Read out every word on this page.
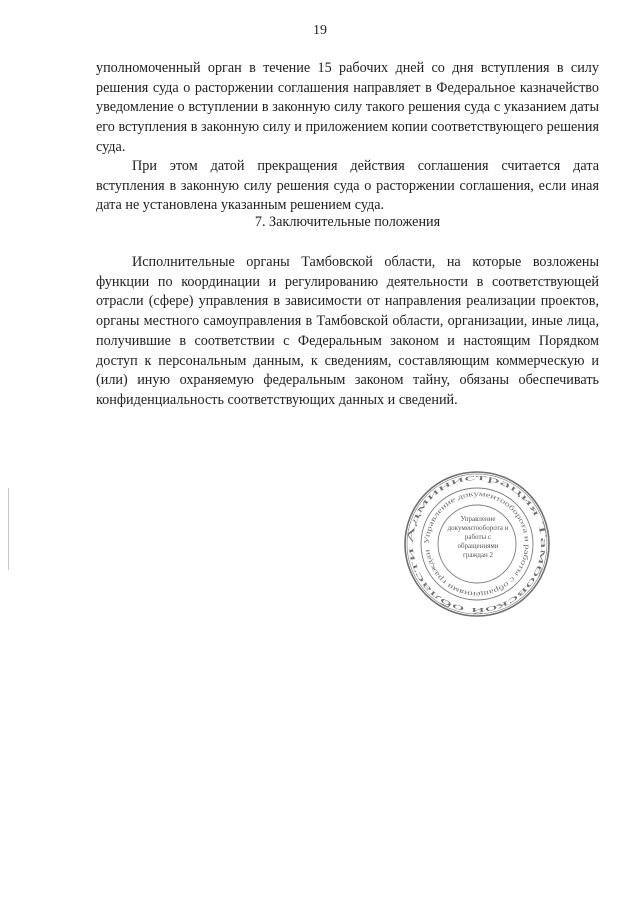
19

уполномоченный орган в течение 15 рабочих дней со дня вступления в силу решения суда о расторжении соглашения направляет в Федеральное казначейство уведомление о вступлении в законную силу такого решения суда с указанием даты его вступления в законную силу и приложением копии соответствующего решения суда.

При этом датой прекращения действия соглашения считается дата вступления в законную силу решения суда о расторжении соглашения, если иная дата не установлена указанным решением суда.

7. Заключительные положения

Исполнительные органы Тамбовской области, на которые возложены функции по координации и регулированию деятельности в соответствующей отрасли (сфере) управления в зависимости от направления реализации проектов, органы местного самоуправления в Тамбовской области, организации, иные лица, получившие в соответствии с Федеральным законом и настоящим Порядком доступ к персональным данным, к сведениям, составляющим коммерческую и (или) иную охраняемую федеральным законом тайну, обязаны обеспечивать конфиденциальность соответствующих данных и сведений.

Администрация Тамбовской области
Управление документооборота и работы с обращениями граждан
Управление документооборота и работы с обращениями граждан 2
